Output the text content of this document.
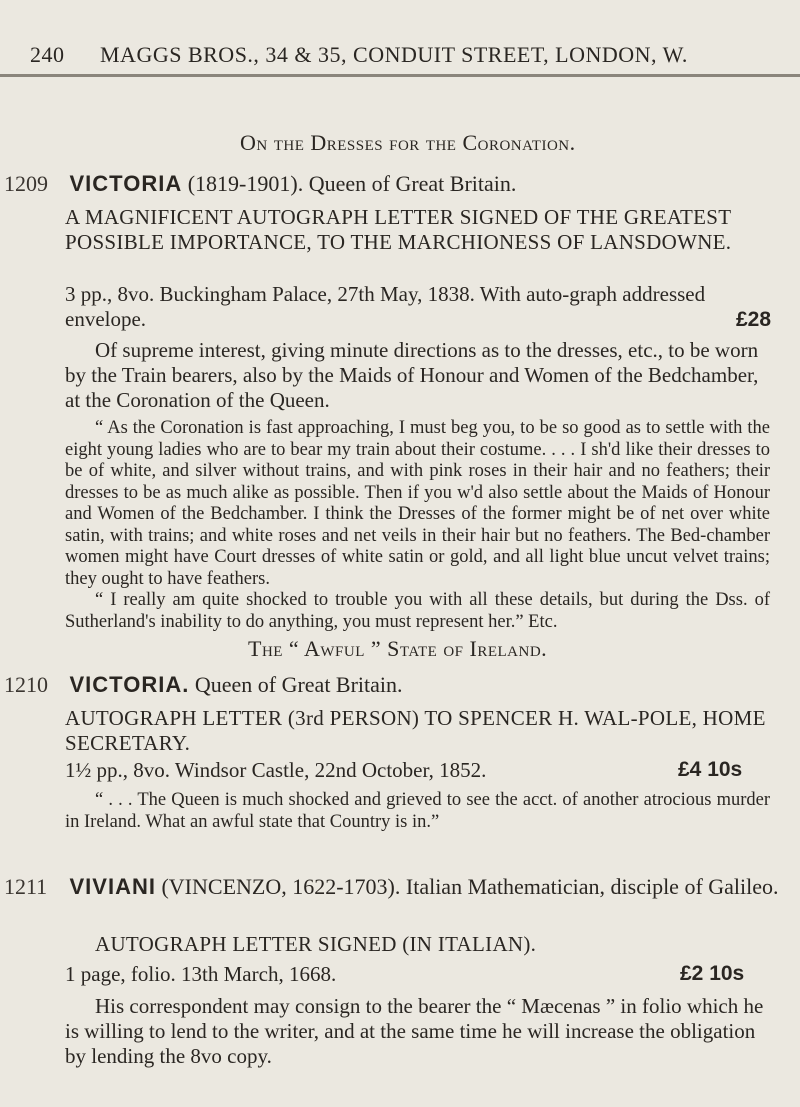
240 MAGGS BROS., 34 & 35, CONDUIT STREET, LONDON, W.
On the Dresses for the Coronation.
1209 VICTORIA (1819-1901). Queen of Great Britain.
A MAGNIFICENT AUTOGRAPH LETTER SIGNED OF THE GREATEST POSSIBLE IMPORTANCE, TO THE MARCHIONESS OF LANSDOWNE.
3 pp., 8vo. Buckingham Palace, 27th May, 1838. With auto-graph addressed envelope.	£28
Of supreme interest, giving minute directions as to the dresses, etc., to be worn by the Train bearers, also by the Maids of Honour and Women of the Bedchamber, at the Coronation of the Queen.

“ As the Coronation is fast approaching, I must beg you, to be so good as to settle with the eight young ladies who are to bear my train about their costume. . . . I sh'd like their dresses to be of white, and silver without trains, and with pink roses in their hair and no feathers; their dresses to be as much alike as possible. Then if you w'd also settle about the Maids of Honour and Women of the Bedchamber. I think the Dresses of the former might be of net over white satin, with trains; and white roses and net veils in their hair but no feathers. The Bed-chamber women might have Court dresses of white satin or gold, and all light blue uncut velvet trains; they ought to have feathers.

“ I really am quite shocked to trouble you with all these details, but during the Dss. of Sutherland's inability to do anything, you must represent her.” Etc.

The “ Awful ” State of Ireland.
1210 VICTORIA. Queen of Great Britain.
AUTOGRAPH LETTER (3rd PERSON) TO SPENCER H. WAL-POLE, HOME SECRETARY.
1½ pp., 8vo. Windsor Castle, 22nd October, 1852.	£4 10s

“ . . . The Queen is much shocked and grieved to see the acct. of another atrocious murder in Ireland. What an awful state that Country is in.”

1211 VIVIANI (VINCENZO, 1622-1703). Italian Mathematician, disciple of Galileo.
AUTOGRAPH LETTER SIGNED (IN ITALIAN).
1 page, folio. 13th March, 1668.	£2 10s
His correspondent may consign to the bearer the “ Mæcenas ” in folio which he is willing to lend to the writer, and at the same time he will increase the obligation by lending the 8vo copy.
